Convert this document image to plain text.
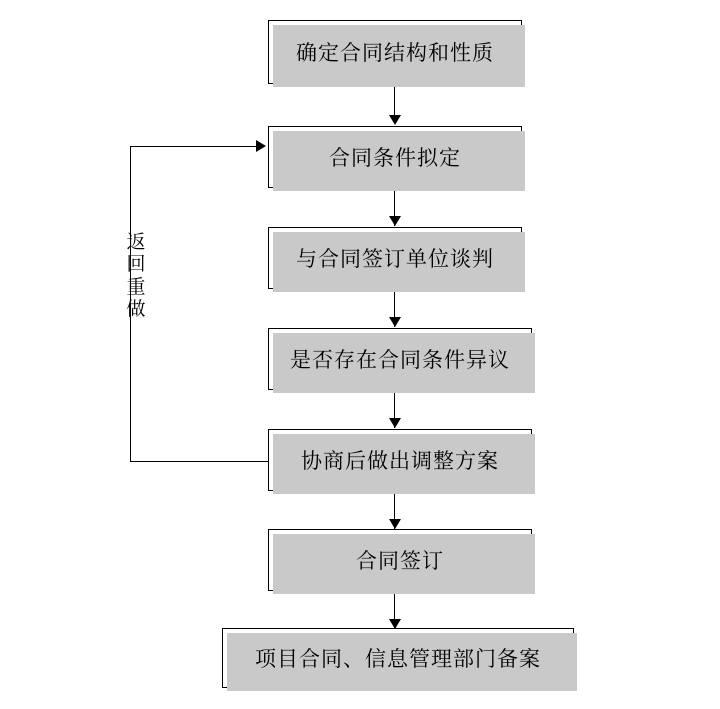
确定合同结构和性质
合同条件拟定
与合同签订单位谈判
是否存在合同条件异议
协商后做出调整方案
合同签订
项目合同、信息管理部门备案
返回重做
